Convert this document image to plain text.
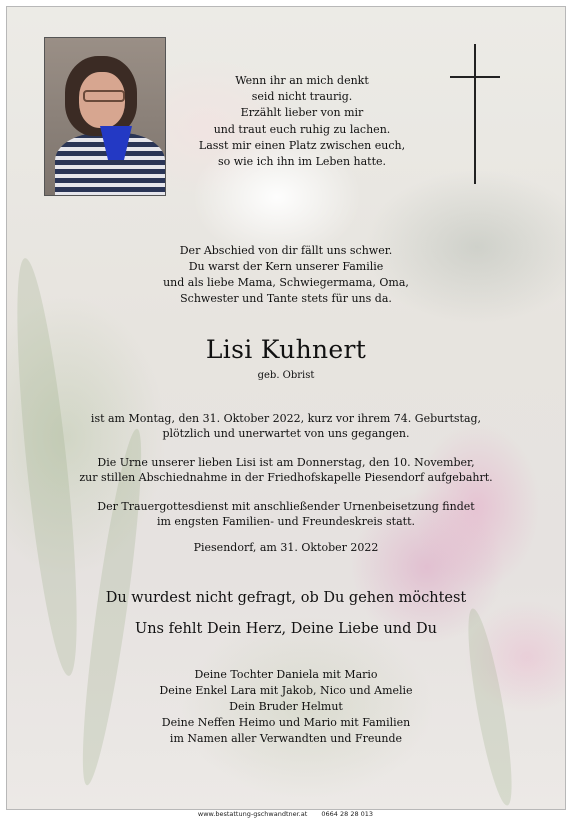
Wenn ihr an mich denkt
seid nicht traurig.
Erzählt lieber von mir
und traut euch ruhig zu lachen.
Lasst mir einen Platz zwischen euch,
so wie ich ihn im Leben hatte.
Der Abschied von dir fällt uns schwer.
Du warst der Kern unserer Familie
und als liebe Mama, Schwiegermama, Oma,
Schwester und Tante stets für uns da.
Lisi Kuhnert
geb. Obrist
ist am Montag, den 31. Oktober 2022, kurz vor ihrem 74. Geburtstag,
plötzlich und unerwartet von uns gegangen.
Die Urne unserer lieben Lisi ist am Donnerstag, den 10. November,
zur stillen Abschiednahme in der Friedhofskapelle Piesendorf aufgebahrt.
Der Trauergottesdienst mit anschließender Urnenbeisetzung findet
im engsten Familien- und Freundeskreis statt.
Piesendorf, am 31. Oktober 2022
Du wurdest nicht gefragt, ob Du gehen möchtest
Uns fehlt Dein Herz, Deine Liebe und Du
Deine Tochter Daniela mit Mario
Deine Enkel Lara mit Jakob, Nico und Amelie
Dein Bruder Helmut
Deine Neffen Heimo und Mario mit Familien
im Namen aller Verwandten und Freunde
www.bestattung-gschwandtner.at 0664 28 28 013
